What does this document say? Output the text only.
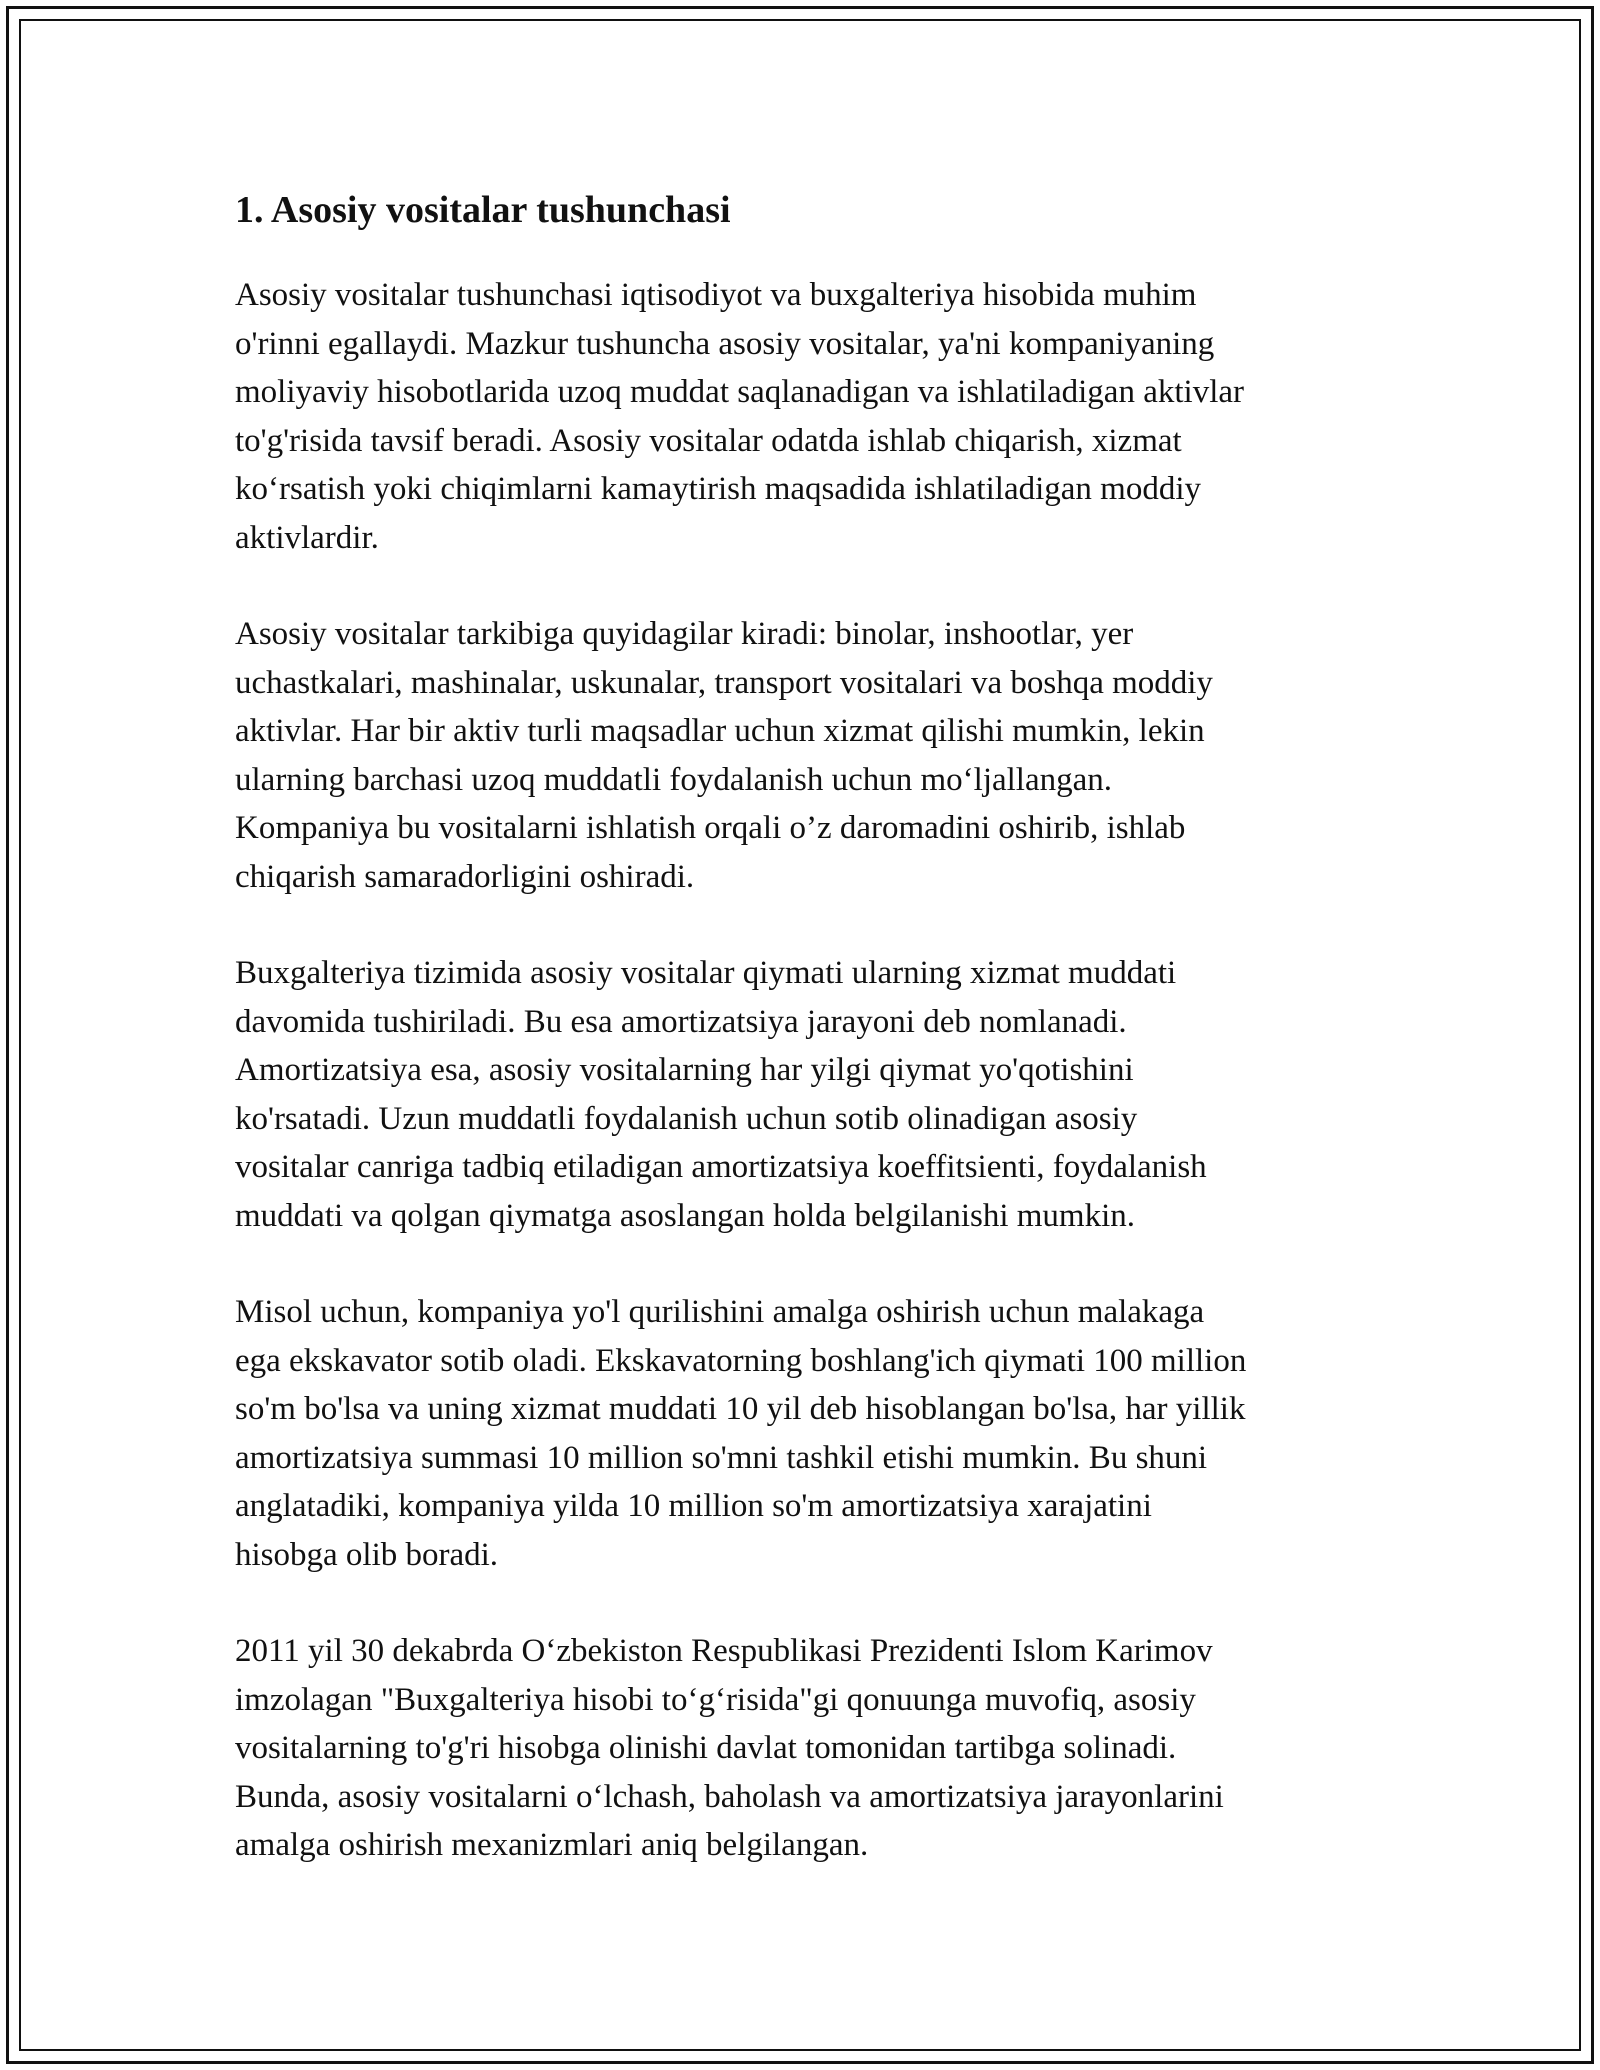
1. Asosiy vositalar tushunchasi

Asosiy vositalar tushunchasi iqtisodiyot va buxgalteriya hisobida muhim
o'rinni egallaydi. Mazkur tushuncha asosiy vositalar, ya'ni kompaniyaning
moliyaviy hisobotlarida uzoq muddat saqlanadigan va ishlatiladigan aktivlar
to'g'risida tavsif beradi. Asosiy vositalar odatda ishlab chiqarish, xizmat
ko‘rsatish yoki chiqimlarni kamaytirish maqsadida ishlatiladigan moddiy
aktivlardir.

Asosiy vositalar tarkibiga quyidagilar kiradi: binolar, inshootlar, yer
uchastkalari, mashinalar, uskunalar, transport vositalari va boshqa moddiy
aktivlar. Har bir aktiv turli maqsadlar uchun xizmat qilishi mumkin, lekin
ularning barchasi uzoq muddatli foydalanish uchun mo‘ljallangan.
Kompaniya bu vositalarni ishlatish orqali o’z daromadini oshirib, ishlab
chiqarish samaradorligini oshiradi.

Buxgalteriya tizimida asosiy vositalar qiymati ularning xizmat muddati
davomida tushiriladi. Bu esa amortizatsiya jarayoni deb nomlanadi.
Amortizatsiya esa, asosiy vositalarning har yilgi qiymat yo'qotishini
ko'rsatadi. Uzun muddatli foydalanish uchun sotib olinadigan asosiy
vositalar canriga tadbiq etiladigan amortizatsiya koeffitsienti, foydalanish
muddati va qolgan qiymatga asoslangan holda belgilanishi mumkin.

Misol uchun, kompaniya yo'l qurilishini amalga oshirish uchun malakaga
ega ekskavator sotib oladi. Ekskavatorning boshlang'ich qiymati 100 million
so'm bo'lsa va uning xizmat muddati 10 yil deb hisoblangan bo'lsa, har yillik
amortizatsiya summasi 10 million so'mni tashkil etishi mumkin. Bu shuni
anglatadiki, kompaniya yilda 10 million so'm amortizatsiya xarajatini
hisobga olib boradi.

2011 yil 30 dekabrda O‘zbekiston Respublikasi Prezidenti Islom Karimov
imzolagan "Buxgalteriya hisobi to‘g‘risida"gi qonuunga muvofiq, asosiy
vositalarning to'g'ri hisobga olinishi davlat tomonidan tartibga solinadi.
Bunda, asosiy vositalarni o‘lchash, baholash va amortizatsiya jarayonlarini
amalga oshirish mexanizmlari aniq belgilangan.
